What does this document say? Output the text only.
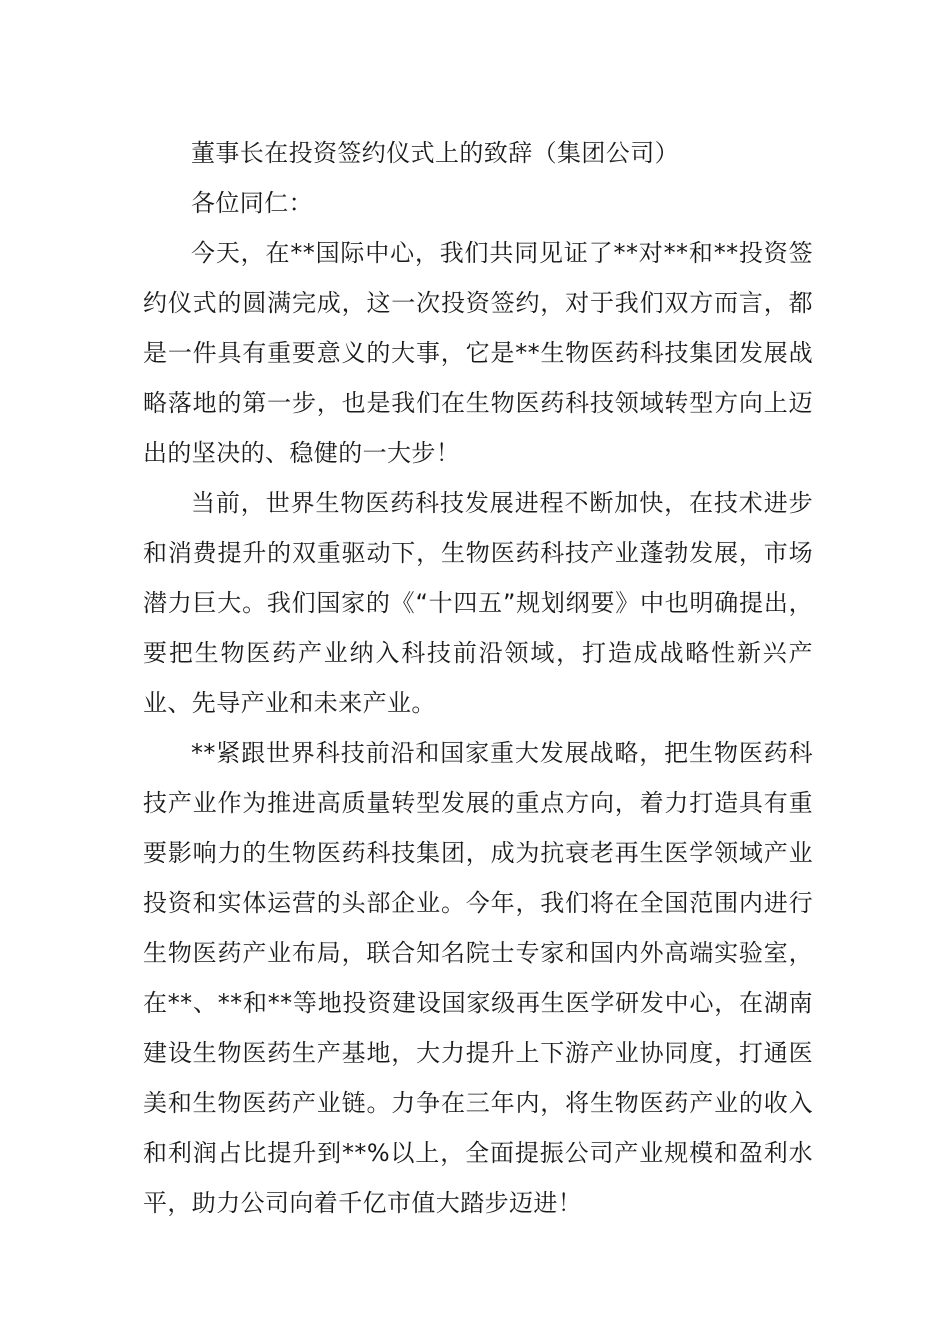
董事长在投资签约仪式上的致辞（集团公司）

各位同仁：

今天，在**国际中心，我们共同见证了**对**和**投资签约仪式的圆满完成，这一次投资签约，对于我们双方而言，都是一件具有重要意义的大事，它是**生物医药科技集团发展战略落地的第一步，也是我们在生物医药科技领域转型方向上迈出的坚决的、稳健的一大步！

当前，世界生物医药科技发展进程不断加快，在技术进步和消费提升的双重驱动下，生物医药科技产业蓬勃发展，市场潜力巨大。我们国家的《“十四五”规划纲要》中也明确提出，要把生物医药产业纳入科技前沿领域，打造成战略性新兴产业、先导产业和未来产业。

**紧跟世界科技前沿和国家重大发展战略，把生物医药科技产业作为推进高质量转型发展的重点方向，着力打造具有重要影响力的生物医药科技集团，成为抗衰老再生医学领域产业投资和实体运营的头部企业。今年，我们将在全国范围内进行生物医药产业布局，联合知名院士专家和国内外高端实验室，在**、**和**等地投资建设国家级再生医学研发中心，在湖南建设生物医药生产基地，大力提升上下游产业协同度，打通医美和生物医药产业链。力争在三年内，将生物医药产业的收入和利润占比提升到**%以上，全面提振公司产业规模和盈利水平，助力公司向着千亿市值大踏步迈进！
